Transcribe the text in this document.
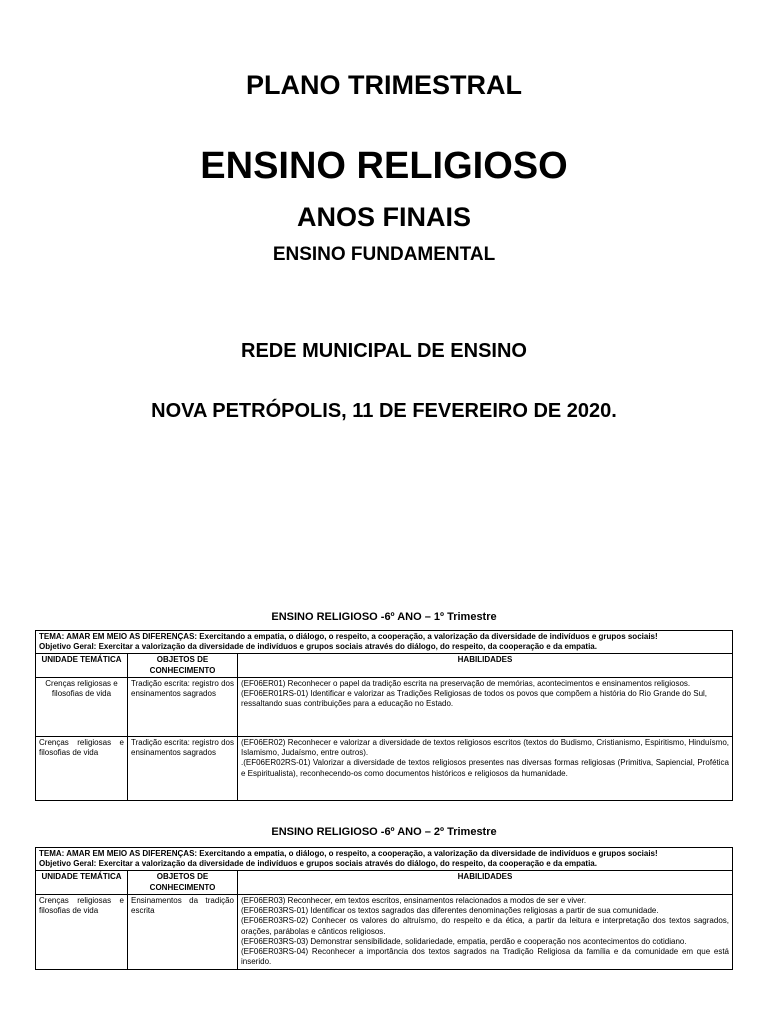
PLANO TRIMESTRAL
ENSINO RELIGIOSO
ANOS FINAIS
ENSINO FUNDAMENTAL
REDE MUNICIPAL DE ENSINO
NOVA PETRÓPOLIS, 11 DE FEVEREIRO DE 2020.
ENSINO RELIGIOSO -6º ANO – 1º Trimestre
TEMA: AMAR EM MEIO AS DIFERENÇAS: Exercitando a empatia, o diálogo, o respeito, a cooperação, a valorização da diversidade de indivíduos e grupos sociais!
Objetivo Geral: Exercitar a valorização da diversidade de indivíduos e grupos sociais através do diálogo, do respeito, da cooperação e da empatia.		

UNIDADE TEMÁTICA	OBJETOS DE CONHECIMENTO	HABILIDADES
Crenças religiosas e filosofias de vida	Tradição escrita: registro dos ensinamentos sagrados	(EF06ER01) Reconhecer o papel da tradição escrita na preservação de memórias, acontecimentos e ensinamentos religiosos.

(EF06ER01RS-01) Identificar e valorizar as Tradições Religiosas de todos os povos que compõem a história do Rio Grande do Sul, ressaltando suas contribuições para a educação no Estado.

Crenças religiosas e filosofias de vida	Tradição escrita: registro dos ensinamentos sagrados	(EF06ER02) Reconhecer e valorizar a diversidade de textos religiosos escritos (textos do Budismo, Cristianismo, Espiritismo, Hinduísmo, Islamismo, Judaísmo, entre outros).

.(EF06ER02RS-01) Valorizar a diversidade de textos religiosos presentes nas diversas formas religiosas (Primitiva, Sapiencial, Profética e Espiritualista), reconhecendo-os como documentos históricos e religiosos da humanidade.

ENSINO RELIGIOSO -6º ANO – 2º Trimestre
TEMA: AMAR EM MEIO AS DIFERENÇAS: Exercitando a empatia, o diálogo, o respeito, a cooperação, a valorização da diversidade de indivíduos e grupos sociais!
Objetivo Geral: Exercitar a valorização da diversidade de indivíduos e grupos sociais através do diálogo, do respeito, da cooperação e da empatia.		

UNIDADE TEMÁTICA	OBJETOS DE CONHECIMENTO	HABILIDADES
Crenças religiosas e filosofias de vida	Ensinamentos da tradição escrita	(EF06ER03) Reconhecer, em textos escritos, ensinamentos relacionados a modos de ser e viver.

(EF06ER03RS-01) Identificar os textos sagrados das diferentes denominações religiosas a partir de sua comunidade.

(EF06ER03RS-02) Conhecer os valores do altruísmo, do respeito e da ética, a partir da leitura e interpretação dos textos sagrados, orações, parábolas e cânticos religiosos.

(EF06ER03RS-03) Demonstrar sensibilidade, solidariedade, empatia, perdão e cooperação nos acontecimentos do cotidiano.

(EF06ER03RS-04) Reconhecer a importância dos textos sagrados na Tradição Religiosa da família e da comunidade em que está inserido.
